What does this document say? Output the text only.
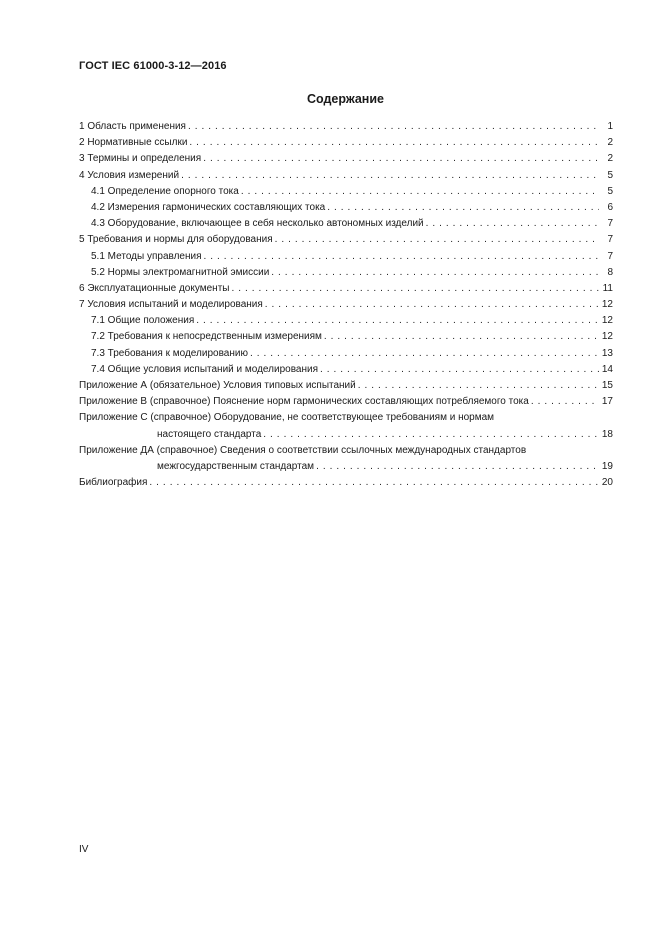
ГОСТ IEC 61000-3-12—2016
Содержание
1 Область применения . . .	1
2 Нормативные ссылки . . .	2
3 Термины и определения . . .	2
4 Условия измерений . . .	5
4.1 Определение опорного тока . . .	5
4.2 Измерения гармонических составляющих тока . . .	6
4.3 Оборудование, включающее в себя несколько автономных изделий . . .	7
5 Требования и нормы для оборудования . . .	7
5.1 Методы управления . . .	7
5.2 Нормы электромагнитной эмиссии . . .	8
6 Эксплуатационные документы . . .	11
7 Условия испытаний и моделирования . . .	12
7.1 Общие положения . . .	12
7.2 Требования к непосредственным измерениям . . .	12
7.3 Требования к моделированию . . .	13
7.4 Общие условия испытаний и моделирования . . .	14
Приложение А (обязательное) Условия типовых испытаний . . .	15
Приложение В (справочное) Пояснение норм гармонических составляющих потребляемого тока . . .	17
Приложение С (справочное) Оборудование, не соответствующее требованиям и нормам
настоящего стандарта . . .	18
Приложение ДА (справочное) Сведения о соответствии ссылочных международных стандартов
межгосударственным стандартам . . .	19
Библиография . . .	20
IV
